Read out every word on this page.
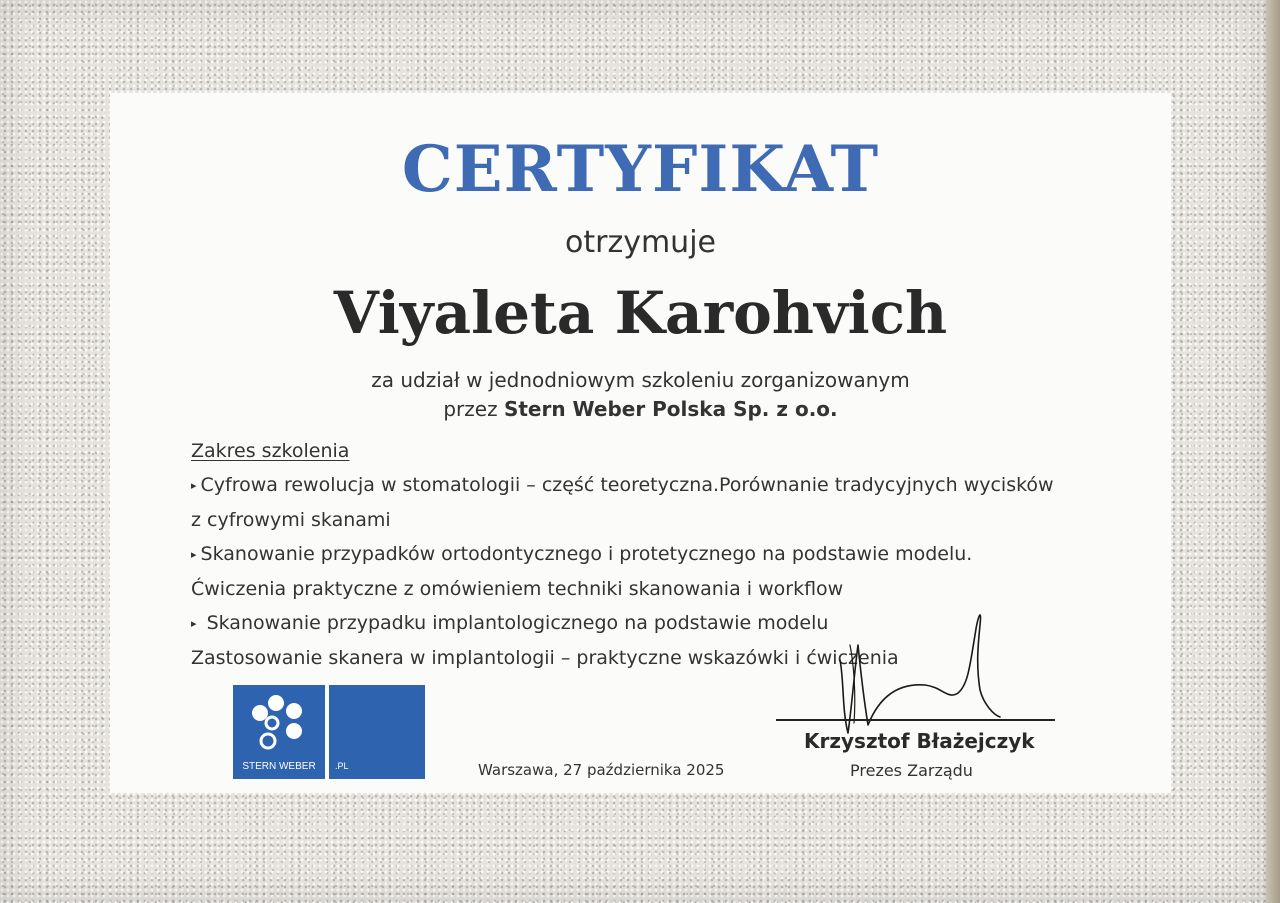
CERTYFIKAT
otrzymuje
Viyaleta Karohvich
za udział w jednodniowym szkoleniu zorganizowanym
przez Stern Weber Polska Sp. z o.o.
Zakres szkolenia
▸ Cyfrowa rewolucja w stomatologii – część teoretyczna.Porównanie tradycyjnych wycisków
z cyfrowymi skanami
▸ Skanowanie przypadków ortodontycznego i protetycznego na podstawie modelu.
Ćwiczenia praktyczne z omówieniem techniki skanowania i workflow
▸ Skanowanie przypadku implantologicznego na podstawie modelu
Zastosowanie skanera w implantologii – praktyczne wskazówki i ćwiczenia
STERN WEBER	.PL	Warszawa, 27 października 2025
Krzysztof Błażejczyk
Prezes Zarządu
